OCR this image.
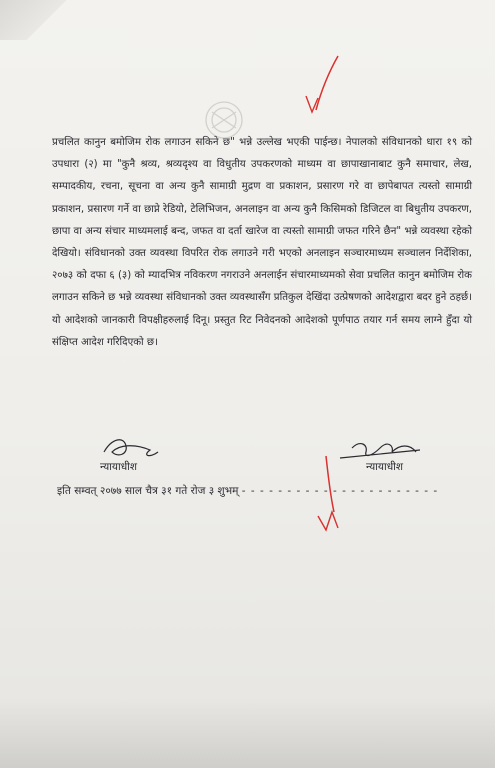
प्रचलित कानुन बमोजिम रोक लगाउन सकिने छ" भन्ने उल्लेख भएकी पाईन्छ। नेपालको संविधानको धारा १९ को उपधारा (२) मा "कुनै श्रव्य, श्रव्यदृश्य वा विधुतीय उपकरणको माध्यम वा छापाखानाबाट कुनै समाचार, लेख, सम्पादकीय, रचना, सूचना वा अन्य कुनै सामाग्री मुद्रण वा प्रकाशन, प्रसारण गरे वा छापेबापत त्यस्तो सामाग्री प्रकाशन, प्रसारण गर्ने वा छाप्ने रेडियो, टेलिभिजन, अनलाइन वा अन्य कुनै किसिमको डिजिटल वा बिधुतीय उपकरण, छापा वा अन्य संचार माध्यमलाई बन्द, जफत वा दर्ता खारेज वा त्यस्तो सामाग्री जफत गरिने छैन" भन्ने व्यवस्था रहेको देखियो। संविधानको उक्त व्यवस्था विपरित रोक लगाउने गरी भएको अनलाइन सञ्चारमाध्यम सञ्चालन निर्देशिका, २०७३ को दफा ६ (३) को म्यादभित्र नविकरण नगराउने अनलाईन संचारमाध्यमको सेवा प्रचलित कानुन बमोजिम रोक लगाउन सकिने छ भन्ने व्यवस्था संविधानको उक्त व्यवस्थासँग प्रतिकुल देखिंदा उत्प्रेषणको आदेशद्वारा बदर हुने ठहर्छ। यो आदेशको जानकारी विपक्षीहरुलाई दिनू। प्रस्तुत रिट निवेदनको आदेशको पूर्णपाठ तयार गर्न समय लाग्ने हुँदा यो संक्षिप्त आदेश गरिदिएको छ।

न्यायाधीश	न्यायाधीश
इति सम्वत् २०७७ साल चैत्र ३१ गते रोज ३ शुभम् - - - - - - - - - - - - - - - - - - - - - -
